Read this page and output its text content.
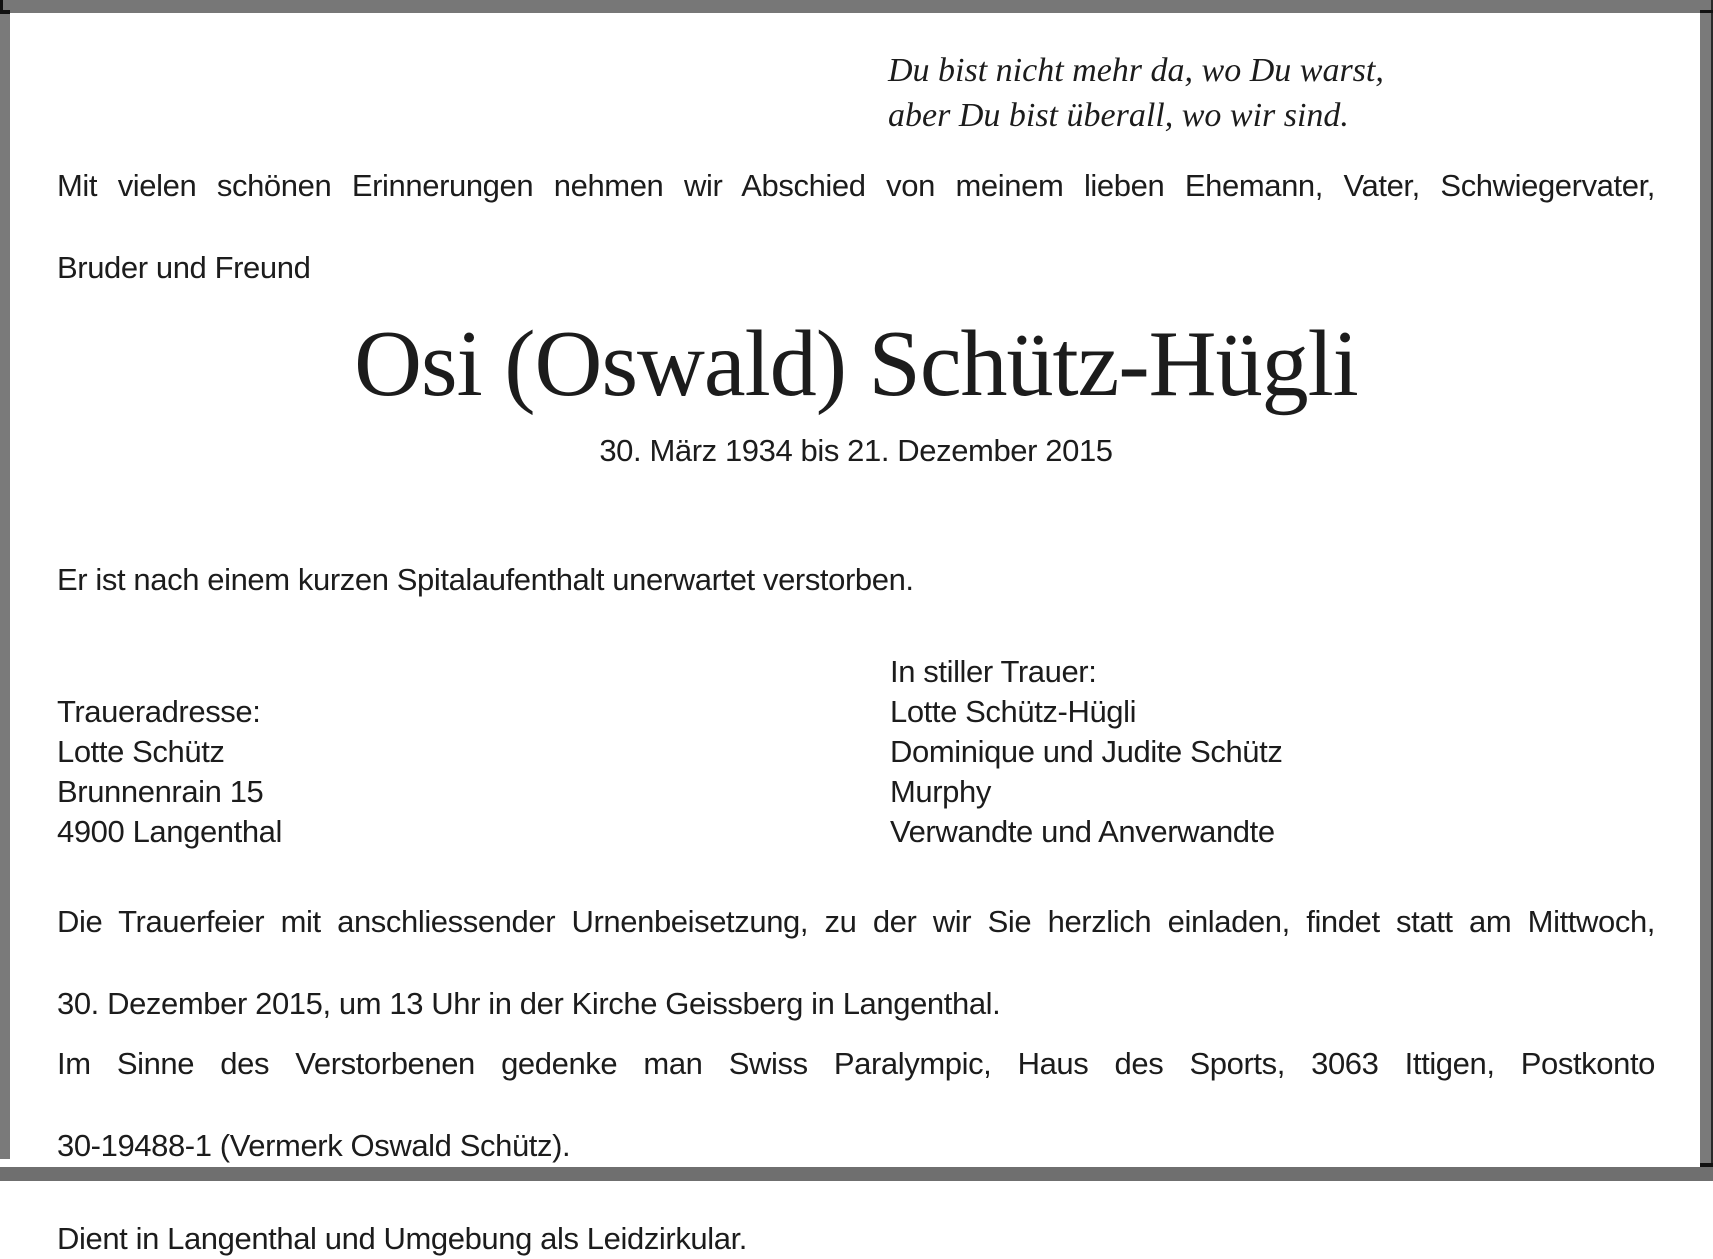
Du bist nicht mehr da, wo Du warst,
aber Du bist überall, wo wir sind.
Mit vielen schönen Erinnerungen nehmen wir Abschied von meinem lieben Ehemann, Vater, Schwiegervater,
Bruder und Freund
Osi (Oswald) Schütz-Hügli
30. März 1934 bis 21. Dezember 2015
Er ist nach einem kurzen Spitalaufenthalt unerwartet verstorben.
Traueradresse:
Lotte Schütz
Brunnenrain 15
4900 Langenthal
In stiller Trauer:
Lotte Schütz-Hügli
Dominique und Judite Schütz
Murphy
Verwandte und Anverwandte
Die Trauerfeier mit anschliessender Urnenbeisetzung, zu der wir Sie herzlich einladen, findet statt am Mittwoch,
30. Dezember 2015, um 13 Uhr in der Kirche Geissberg in Langenthal.
Im Sinne des Verstorbenen gedenke man Swiss Paralympic, Haus des Sports, 3063 Ittigen, Postkonto
30-19488-1 (Vermerk Oswald Schütz).
Dient in Langenthal und Umgebung als Leidzirkular.
